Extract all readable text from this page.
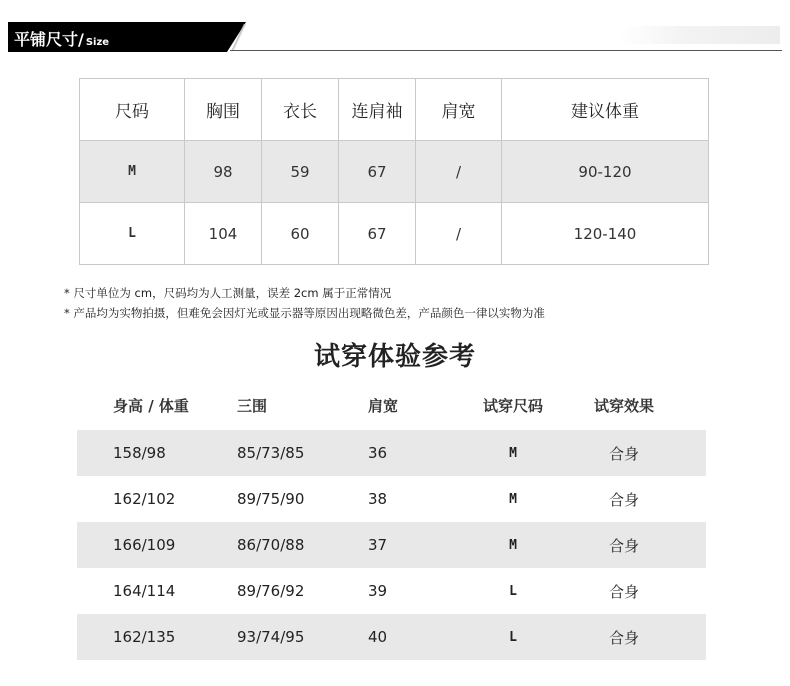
平铺尺寸/ Size
尺码	胸围	衣长	连肩袖	肩宽	建议体重
M	98	59	67	/	90-120
L	104	60	67	/	120-140
* 尺寸单位为 cm，尺码均为人工测量，误差 2cm 属于正常情况
* 产品均为实物拍摄，但难免会因灯光或显示器等原因出现略微色差，产品颜色一律以实物为准
试穿体验参考
身高 / 体重	三围	肩宽	试穿尺码	试穿效果
158/98	85/73/85	36	M	合身
162/102	89/75/90	38	M	合身
166/109	86/70/88	37	M	合身
164/114	89/76/92	39	L	合身
162/135	93/74/95	40	L	合身
